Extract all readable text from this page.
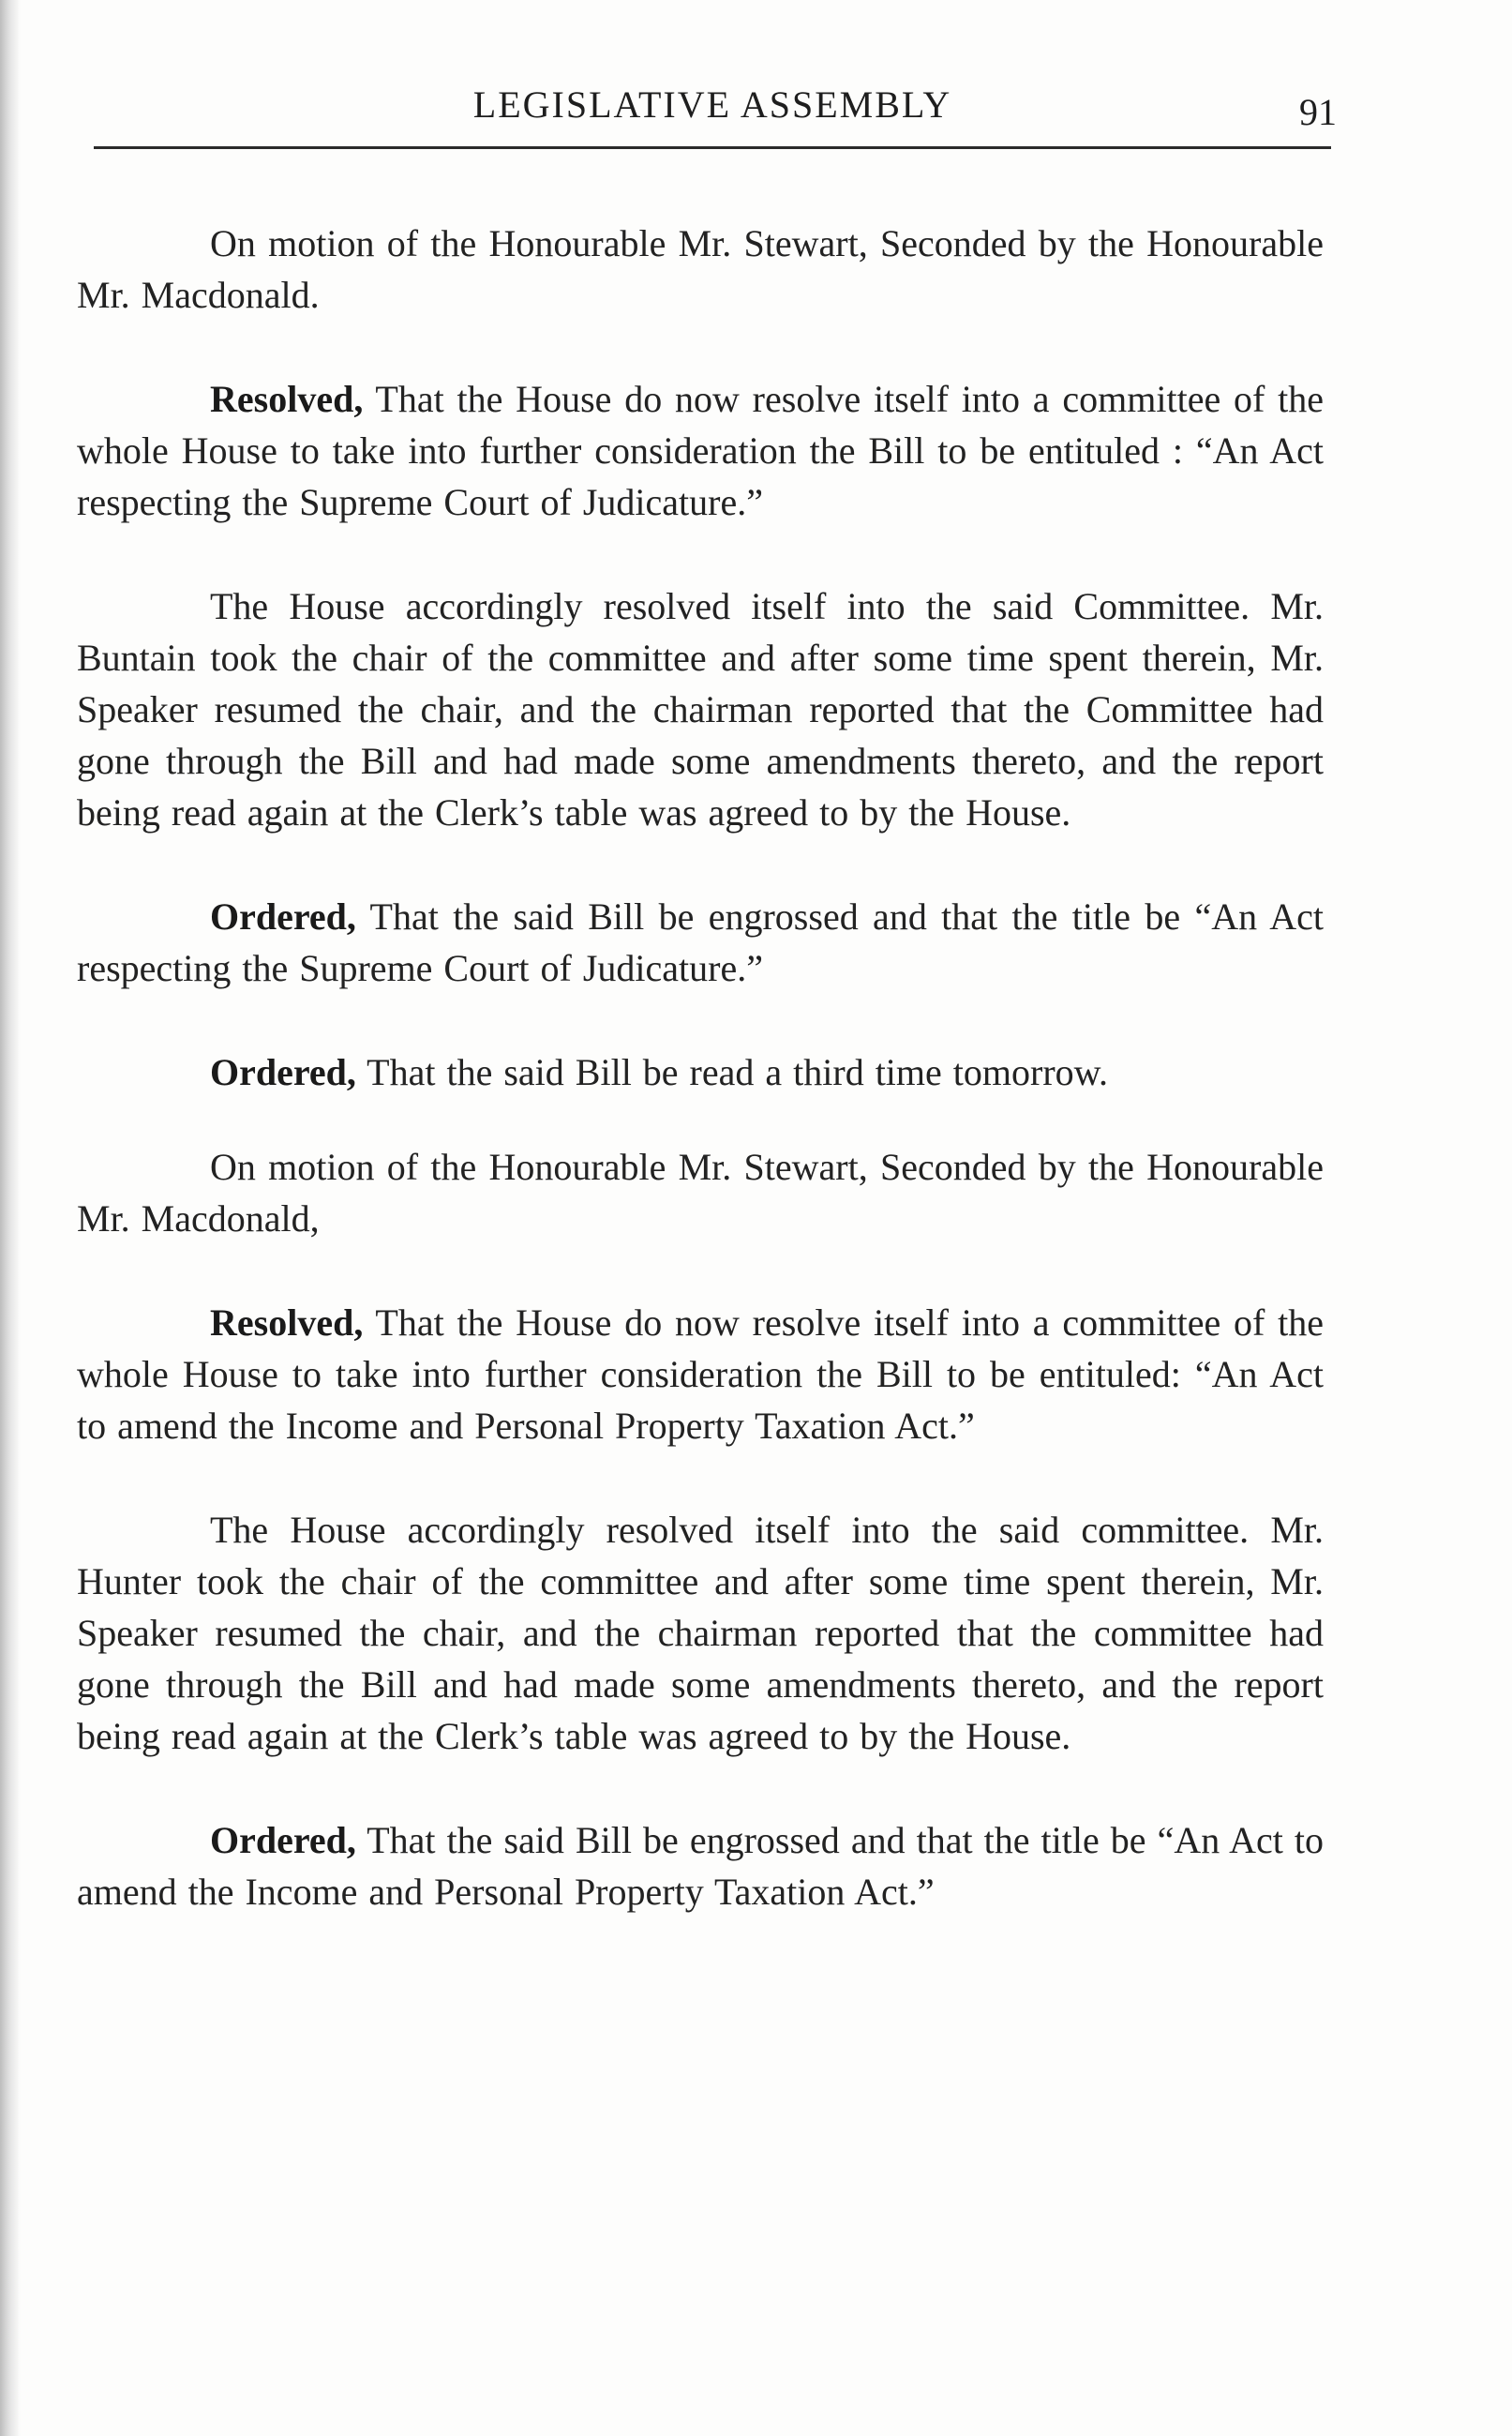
LEGISLATIVE ASSEMBLY	91

On motion of the Honourable Mr. Stewart, Seconded by the Honourable Mr. Macdonald.

Resolved, That the House do now resolve itself into a committee of the whole House to take into further consideration the Bill to be entituled : “An Act respecting the Supreme Court of Judicature.”

The House accordingly resolved itself into the said Committee. Mr. Buntain took the chair of the committee and after some time spent therein, Mr. Speaker resumed the chair, and the chairman reported that the Committee had gone through the Bill and had made some amendments thereto, and the report being read again at the Clerk’s table was agreed to by the House.

Ordered, That the said Bill be engrossed and that the title be “An Act respecting the Supreme Court of Judicature.”

Ordered, That the said Bill be read a third time tomorrow.

On motion of the Honourable Mr. Stewart, Seconded by the Honourable Mr. Macdonald,

Resolved, That the House do now resolve itself into a committee of the whole House to take into further consideration the Bill to be entituled: “An Act to amend the Income and Personal Property Taxation Act.”

The House accordingly resolved itself into the said committee. Mr. Hunter took the chair of the committee and after some time spent therein, Mr. Speaker resumed the chair, and the chairman reported that the committee had gone through the Bill and had made some amendments thereto, and the report being read again at the Clerk’s table was agreed to by the House.

Ordered, That the said Bill be engrossed and that the title be “An Act to amend the Income and Personal Property Taxation Act.”
